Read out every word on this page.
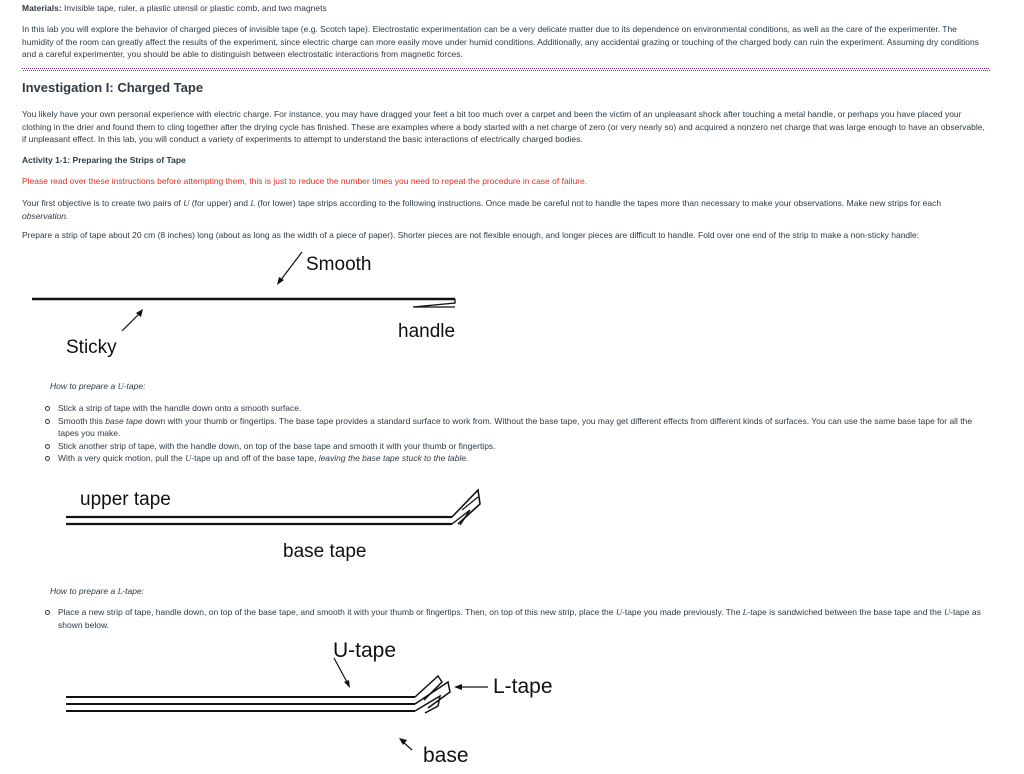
Materials: Invisible tape, ruler, a plastic utensil or plastic comb, and two magnets

In this lab you will explore the behavior of charged pieces of invisible tape (e.g. Scotch tape). Electrostatic experimentation can be a very delicate matter due to its dependence on environmental conditions, as well as the care of the experimenter. The humidity of the room can greatly affect the results of the experiment, since electric charge can more easily move under humid conditions. Additionally, any accidental grazing or touching of the charged body can ruin the experiment. Assuming dry conditions and a careful experimenter, you should be able to distinguish between electrostatic interactions from magnetic forces.

Investigation I: Charged Tape

You likely have your own personal experience with electric charge. For instance, you may have dragged your feet a bit too much over a carpet and been the victim of an unpleasant shock after touching a metal handle, or perhaps you have placed your clothing in the drier and found them to cling together after the drying cycle has finished. These are examples where a body started with a net charge of zero (or very nearly so) and acquired a nonzero net charge that was large enough to have an observable, if unpleasant effect. In this lab, you will conduct a variety of experiments to attempt to understand the basic interactions of electrically charged bodies.

Activity 1-1: Preparing the Strips of Tape

Please read over these instructions before attempting them, this is just to reduce the number times you need to repeat the procedure in case of failure.

Your first objective is to create two pairs of U (for upper) and L (for lower) tape strips according to the following instructions. Once made be careful not to handle the tapes more than necessary to make your observations. Make new strips for each
observation.

Prepare a strip of tape about 20 cm (8 inches) long (about as long as the width of a piece of paper). Shorter pieces are not flexible enough, and longer pieces are difficult to handle. Fold over one end of the strip to make a non-sticky handle:

Smooth
Sticky
handle

How to prepare a U-tape:

Stick a strip of tape with the handle down onto a smooth surface.
Smooth this base tape down with your thumb or fingertips. The base tape provides a standard surface to work from. Without the base tape, you may get different effects from different kinds of surfaces. You can use the same base tape for all the tapes you make.
Stick another strip of tape, with the handle down, on top of the base tape and smooth it with your thumb or fingertips.
With a very quick motion, pull the U-tape up and off of the base tape, leaving the base tape stuck to the table.
upper tape
base tape

How to prepare a L-tape:

Place a new strip of tape, handle down, on top of the base tape, and smooth it with your thumb or fingertips. Then, on top of this new strip, place the U-tape you made previously. The L-tape is sandwiched between the base tape and the U-tape as shown below.
U-tape
L-tape
base
